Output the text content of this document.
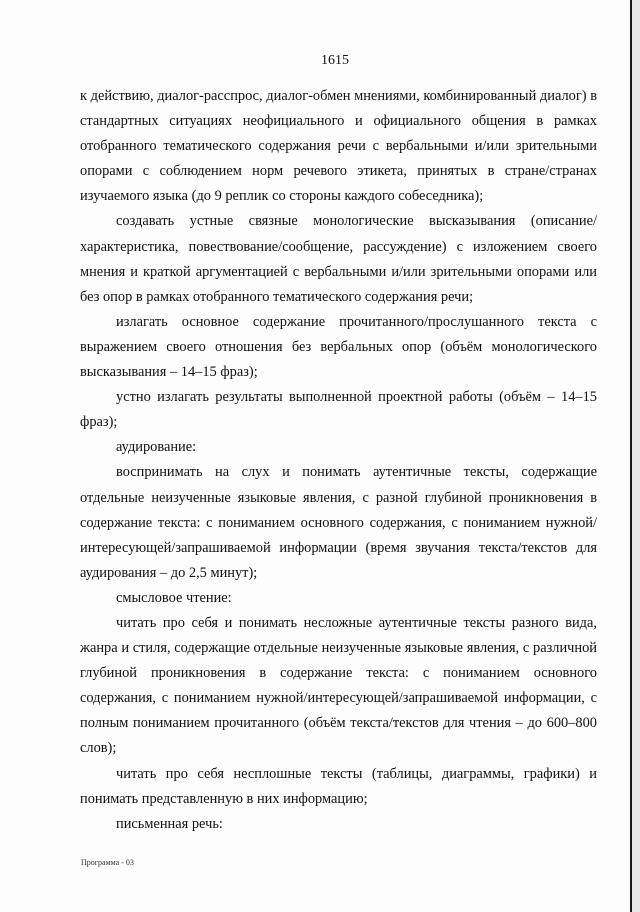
1615

к действию, диалог-расспрос, диалог-обмен мнениями, комбинированный диалог) в стандартных ситуациях неофициального и официального общения в рамках отобранного тематического содержания речи с вербальными и/или зрительными опорами с соблюдением норм речевого этикета, принятых в стране/странах изучаемого языка (до 9 реплик со стороны каждого собеседника);

создавать устные связные монологические высказывания (описание/характеристика, повествование/сообщение, рассуждение) с изложением своего мнения и краткой аргументацией с вербальными и/или зрительными опорами или без опор в рамках отобранного тематического содержания речи;

излагать основное содержание прочитанного/прослушанного текста с выражением своего отношения без вербальных опор (объём монологического высказывания – 14–15 фраз);

устно излагать результаты выполненной проектной работы (объём – 14–15 фраз);

аудирование:

воспринимать на слух и понимать аутентичные тексты, содержащие отдельные неизученные языковые явления, с разной глубиной проникновения в содержание текста: с пониманием основного содержания, с пониманием нужной/интересующей/запрашиваемой информации (время звучания текста/текстов для аудирования – до 2,5 минут);

смысловое чтение:

читать про себя и понимать несложные аутентичные тексты разного вида, жанра и стиля, содержащие отдельные неизученные языковые явления, с различной глубиной проникновения в содержание текста: с пониманием основного содержания, с пониманием нужной/интересующей/запрашиваемой информации, с полным пониманием прочитанного (объём текста/текстов для чтения – до 600–800 слов);

читать про себя несплошные тексты (таблицы, диаграммы, графики) и понимать представленную в них информацию;

письменная речь:

Программа - 03
